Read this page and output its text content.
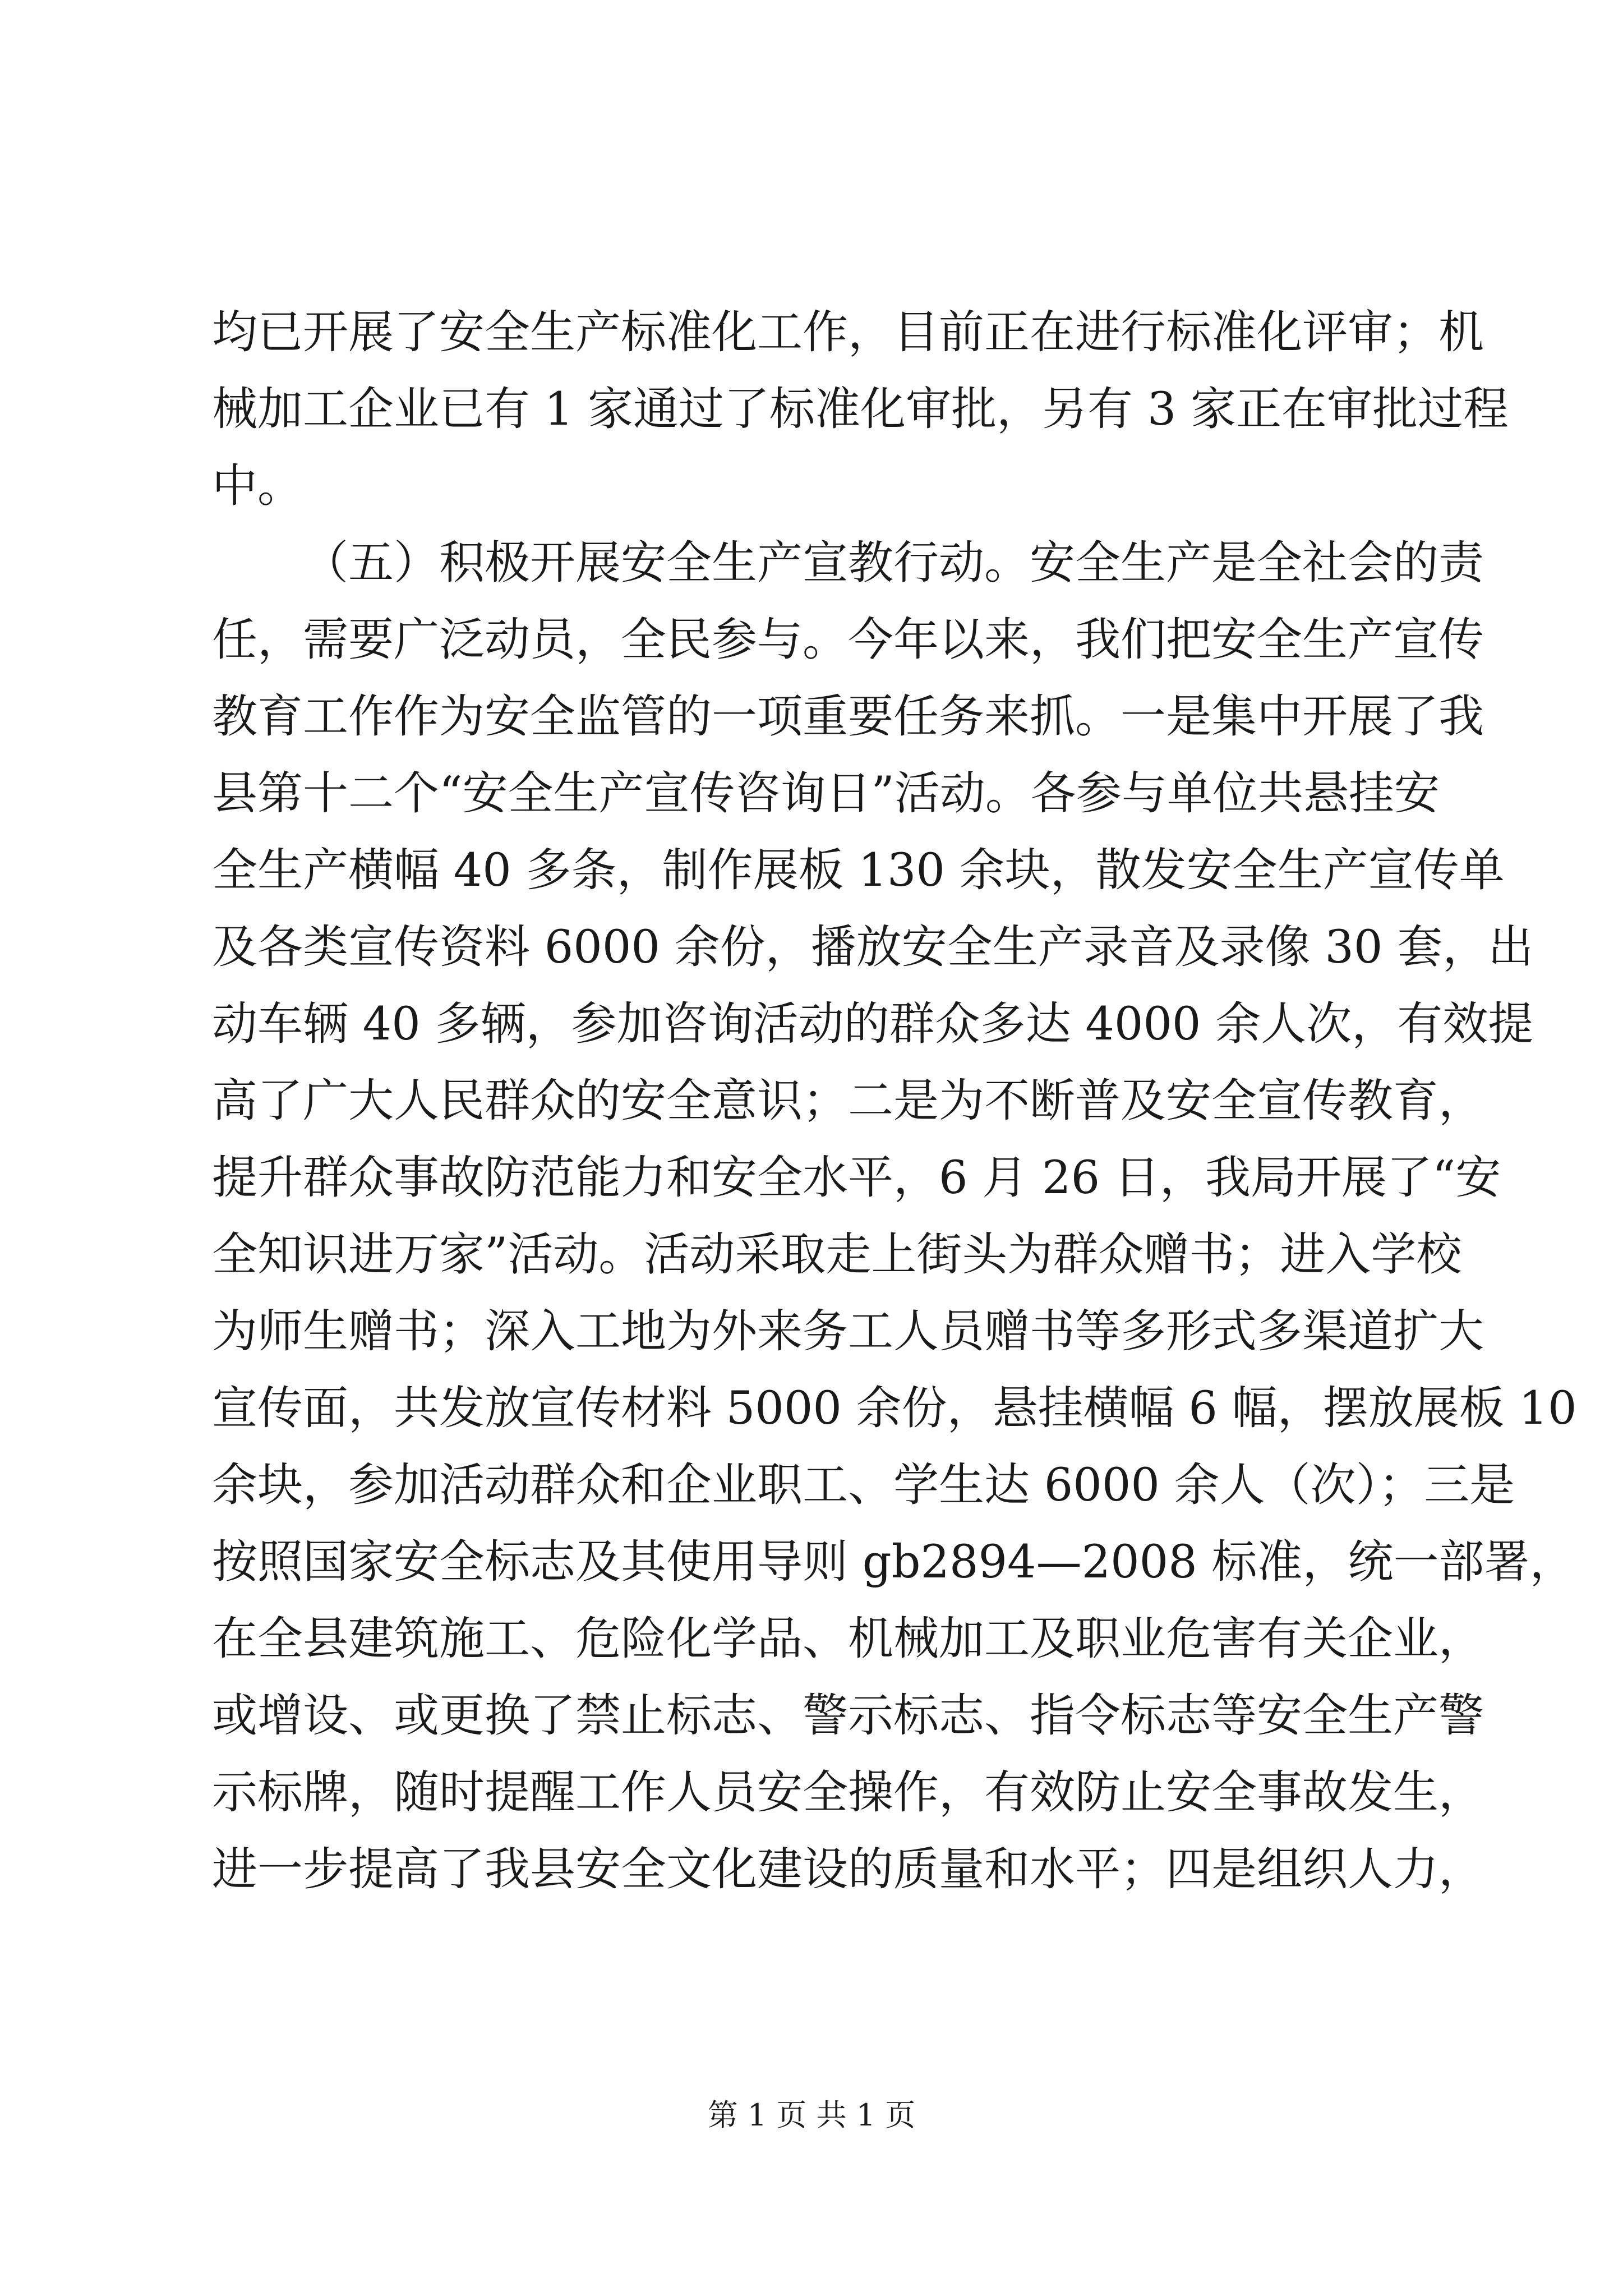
均已开展了安全生产标准化工作，目前正在进行标准化评审；机
械加工企业已有 1 家通过了标准化审批，另有 3 家正在审批过程
中。
（五）积极开展安全生产宣教行动。安全生产是全社会的责
任，需要广泛动员，全民参与。今年以来，我们把安全生产宣传
教育工作作为安全监管的一项重要任务来抓。一是集中开展了我
县第十二个“安全生产宣传咨询日”活动。各参与单位共悬挂安
全生产横幅 40 多条，制作展板 130 余块，散发安全生产宣传单
及各类宣传资料 6000 余份，播放安全生产录音及录像 30 套，出
动车辆 40 多辆，参加咨询活动的群众多达 4000 余人次，有效提
高了广大人民群众的安全意识；二是为不断普及安全宣传教育，
提升群众事故防范能力和安全水平，6 月 26 日，我局开展了“安
全知识进万家”活动。活动采取走上街头为群众赠书；进入学校
为师生赠书；深入工地为外来务工人员赠书等多形式多渠道扩大
宣传面，共发放宣传材料 5000 余份，悬挂横幅 6 幅，摆放展板 10
余块，参加活动群众和企业职工、学生达 6000 余人（次）；三是
按照国家安全标志及其使用导则 gb2894—2008 标准，统一部署，
在全县建筑施工、危险化学品、机械加工及职业危害有关企业，
或增设、或更换了禁止标志、警示标志、指令标志等安全生产警
示标牌，随时提醒工作人员安全操作，有效防止安全事故发生，
进一步提高了我县安全文化建设的质量和水平；四是组织人力，
第 1 页 共 1 页
